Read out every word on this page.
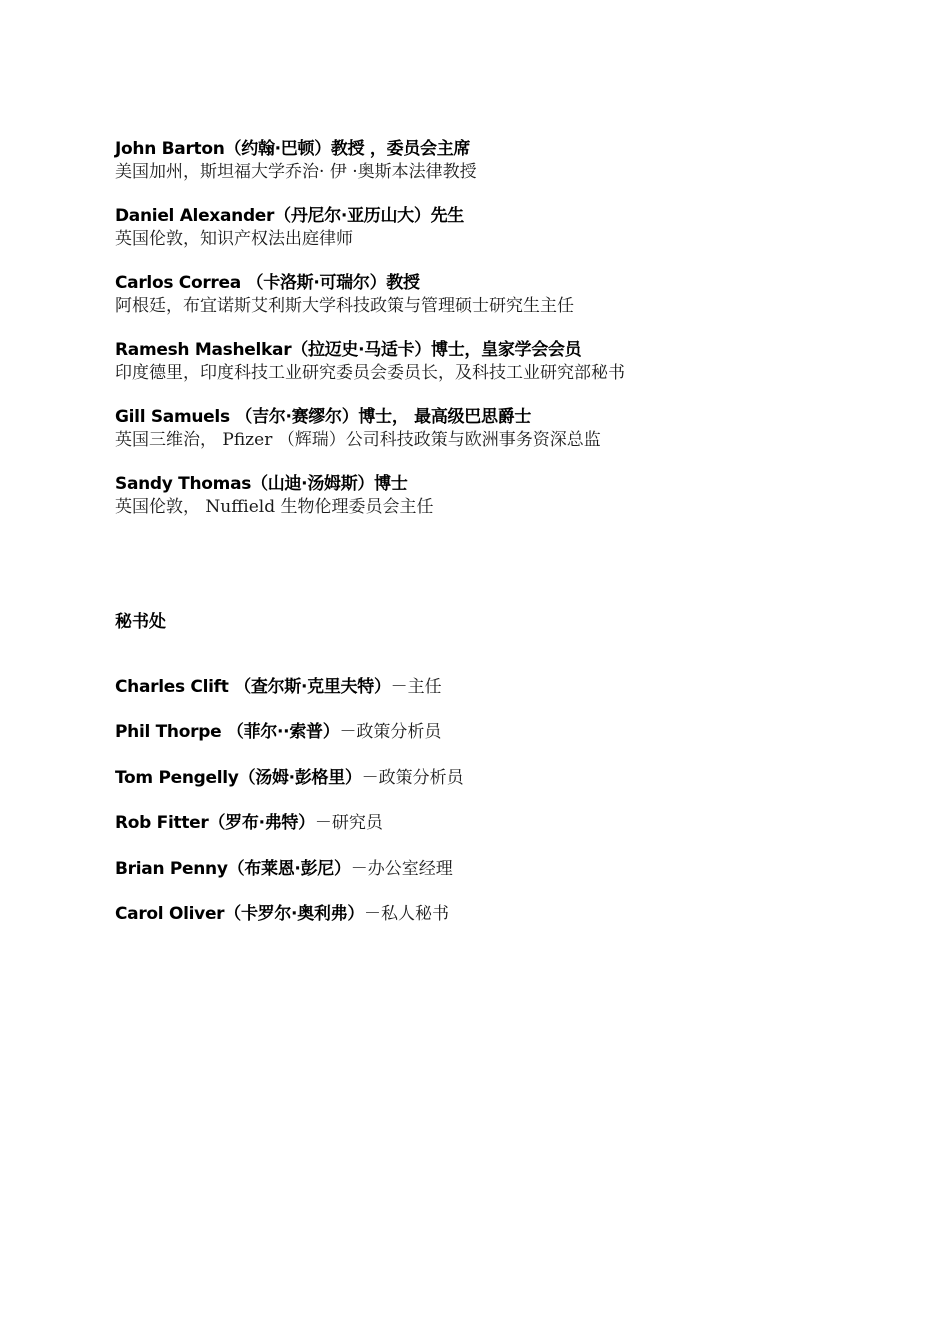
John Barton（约翰·巴顿）教授 ，委员会主席
美国加州，斯坦福大学乔治· 伊 ·奥斯本法律教授
Daniel Alexander（丹尼尔·亚历山大）先生
英国伦敦，知识产权法出庭律师
Carlos Correa （卡洛斯·可瑞尔）教授
阿根廷，布宜诺斯艾利斯大学科技政策与管理硕士研究生主任
Ramesh Mashelkar（拉迈史·马适卡）博士，皇家学会会员
印度德里，印度科技工业研究委员会委员长，及科技工业研究部秘书
Gill Samuels （吉尔·赛缪尔）博士， 最高级巴思爵士
英国三维治， Pfizer （辉瑞）公司科技政策与欧洲事务资深总监
Sandy Thomas（山迪·汤姆斯）博士
英国伦敦， Nuffield 生物伦理委员会主任
秘书处
Charles Clift （查尔斯·克里夫特）－主任
Phil Thorpe （菲尔··索普）－政策分析员
Tom Pengelly（汤姆·彭格里）－政策分析员
Rob Fitter（罗布·弗特）－研究员
Brian Penny（布莱恩·彭尼）－办公室经理
Carol Oliver（卡罗尔·奥利弗）－私人秘书
